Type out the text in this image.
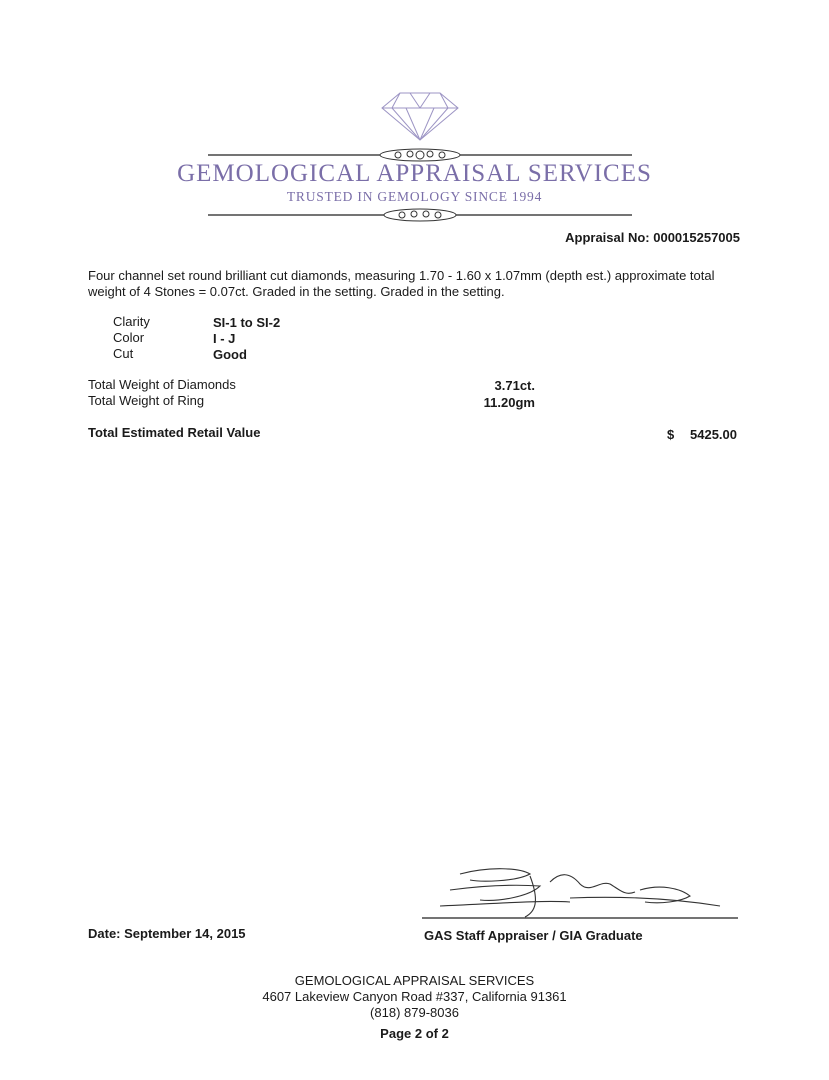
GEMOLOGICAL APPRAISAL SERVICES
TRUSTED IN GEMOLOGY SINCE 1994
Appraisal No: 000015257005
Four channel set round brilliant cut diamonds, measuring 1.70 - 1.60 x 1.07mm (depth est.) approximate total weight of 4 Stones = 0.07ct. Graded in the setting. Graded in the setting.
Clarity	SI-1 to SI-2
Color	I - J
Cut	Good
Total Weight of Diamonds	3.71ct.
Total Weight of Ring	11.20gm
Total Estimated Retail Value	$ 5425.00
Date: September 14, 2015	GAS Staff Appraiser / GIA Graduate
GEMOLOGICAL APPRAISAL SERVICES
4607 Lakeview Canyon Road #337, California 91361
(818) 879-8036
Page 2 of 2
